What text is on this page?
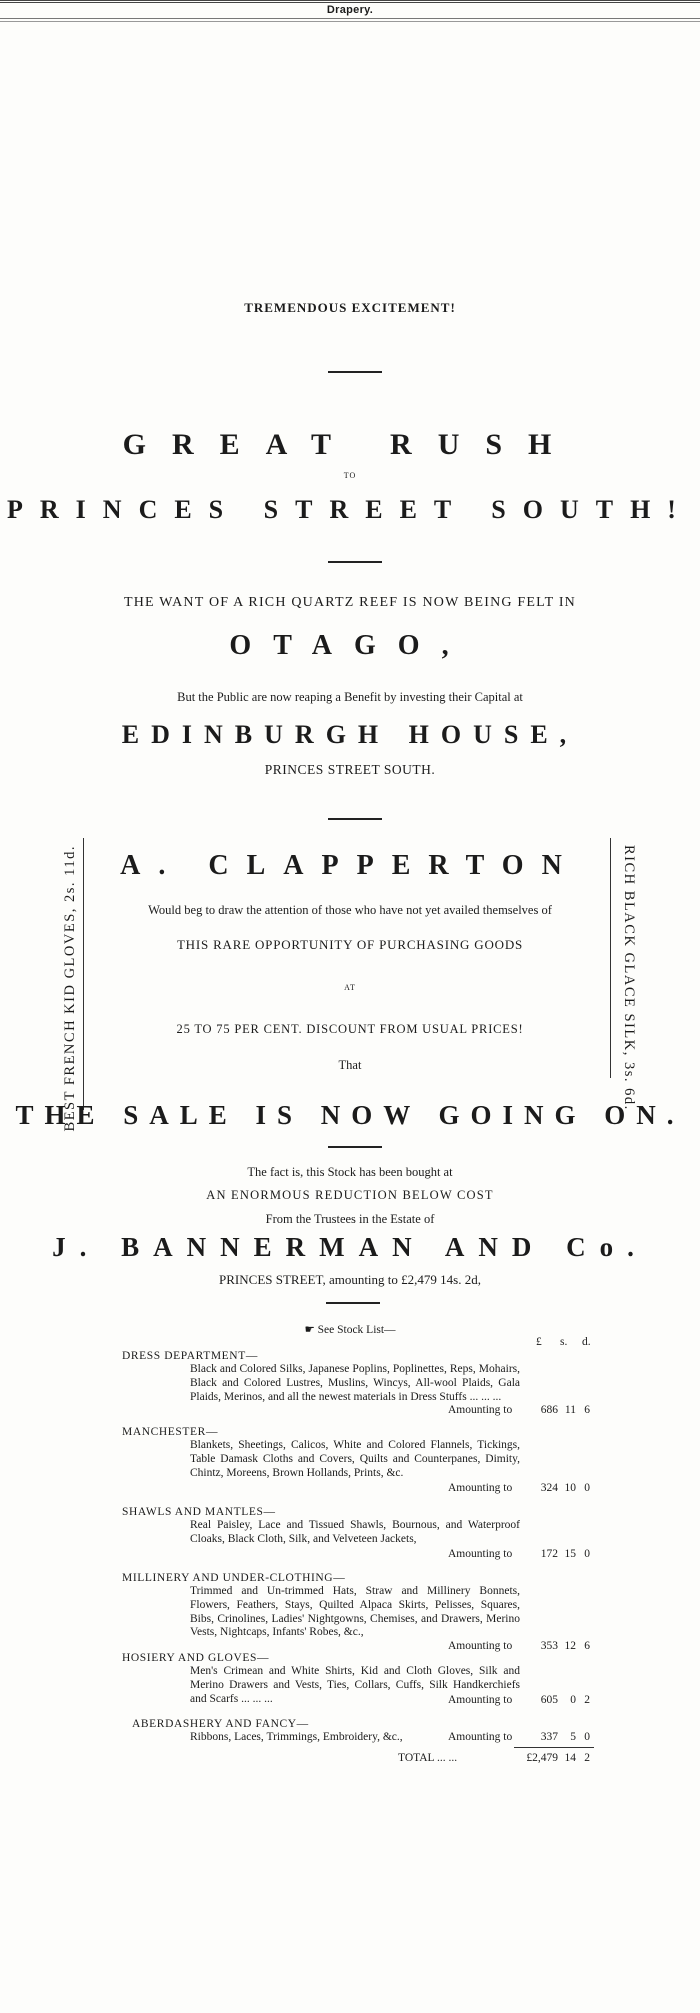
Drapery.
TREMENDOUS EXCITEMENT!
GREAT RUSH
TO
PRINCES STREET SOUTH!
THE WANT OF A RICH QUARTZ REEF IS NOW BEING FELT IN
OTAGO,
But the Public are now reaping a Benefit by investing their Capital at
EDINBURGH HOUSE,
PRINCES STREET SOUTH.
BEST FRENCH KID GLOVES, 2s. 11d.	RICH BLACK GLACE SILK, 3s. 6d.
A. CLAPPERTON
Would beg to draw the attention of those who have not yet availed themselves of
THIS RARE OPPORTUNITY OF PURCHASING GOODS
AT
25 TO 75 PER CENT. DISCOUNT FROM USUAL PRICES!
That
THE SALE IS NOW GOING ON.
The fact is, this Stock has been bought at
AN ENORMOUS REDUCTION BELOW COST
From the Trustees in the Estate of
J. BANNERMAN AND Co.
PRINCES STREET, amounting to £2,479 14s. 2d,
☛ See Stock List—
£ s. d.
DRESS DEPARTMENT—
Black and Colored Silks, Japanese Poplins, Poplinettes, Reps, Mohairs, Black and Colored Lustres, Muslins, Wincys, All-wool Plaids, Gala Plaids, Merinos, and all the newest materials in Dress Stuffs ... ... ...
Amounting to	686 11 6
MANCHESTER—
Blankets, Sheetings, Calicos, White and Colored Flannels, Tickings, Table Damask Cloths and Covers, Quilts and Counterpanes, Dimity, Chintz, Moreens, Brown Hollands, Prints, &c.
Amounting to	324 10 0
SHAWLS AND MANTLES—
Real Paisley, Lace and Tissued Shawls, Bournous, and Waterproof Cloaks, Black Cloth, Silk, and Velveteen Jackets,
Amounting to	172 15 0
MILLINERY AND UNDER-CLOTHING—
Trimmed and Un-trimmed Hats, Straw and Millinery Bonnets, Flowers, Feathers, Stays, Quilted Alpaca Skirts, Pelisses, Squares, Bibs, Crinolines, Ladies' Nightgowns, Chemises, and Drawers, Merino Vests, Nightcaps, Infants' Robes, &c.,
Amounting to	353 12 6
HOSIERY AND GLOVES—
Men's Crimean and White Shirts, Kid and Cloth Gloves, Silk and Merino Drawers and Vests, Ties, Collars, Cuffs, Silk Handkerchiefs and Scarfs ... ... ...	Amounting to	605	0 2
ABERDASHERY AND FANCY—
Ribbons, Laces, Trimmings, Embroidery, &c.,	Amounting to	337	5 0
TOTAL ... ...	£2,479 14 2
